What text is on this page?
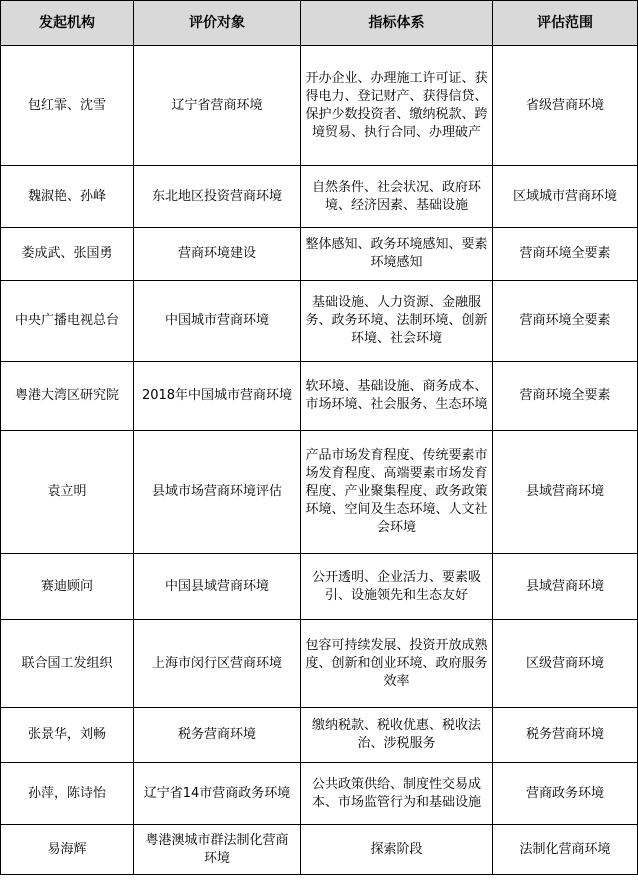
发起机构	评价对象	指标体系	评估范围
包红霏、沈雪	辽宁省营商环境	开办企业、办理施工许可证、获得电力、登记财产、获得信贷、保护少数投资者、缴纳税款、跨境贸易、执行合同、办理破产	省级营商环境
魏淑艳、孙峰	东北地区投资营商环境	自然条件、社会状况、政府环境、经济因素、基础设施	区域城市营商环境
娄成武、张国勇	营商环境建设	整体感知、政务环境感知、要素环境感知	营商环境全要素
中央广播电视总台	中国城市营商环境	基础设施、人力资源、金融服务、政务环境、法制环境、创新环境、社会环境	营商环境全要素
粤港大湾区研究院	2018年中国城市营商环境	软环境、基础设施、商务成本、市场环境、社会服务、生态环境	营商环境全要素
袁立明	县域市场营商环境评估	产品市场发育程度、传统要素市场发育程度、高端要素市场发育程度、产业聚集程度、政务政策环境、空间及生态环境、人文社会环境	县域营商环境
赛迪顾问	中国县域营商环境	公开透明、企业活力、要素吸引、设施领先和生态友好	县域营商环境
联合国工发组织	上海市闵行区营商环境	包容可持续发展、投资开放成熟度、创新和创业环境、政府服务效率	区级营商环境
张景华，刘畅	税务营商环境	缴纳税款、税收优惠、税收法治、涉税服务	税务营商环境
孙萍，陈诗怡	辽宁省14市营商政务环境	公共政策供给、制度性交易成本、市场监管行为和基础设施	营商政务环境
易海辉	粤港澳城市群法制化营商环境	探索阶段	法制化营商环境
